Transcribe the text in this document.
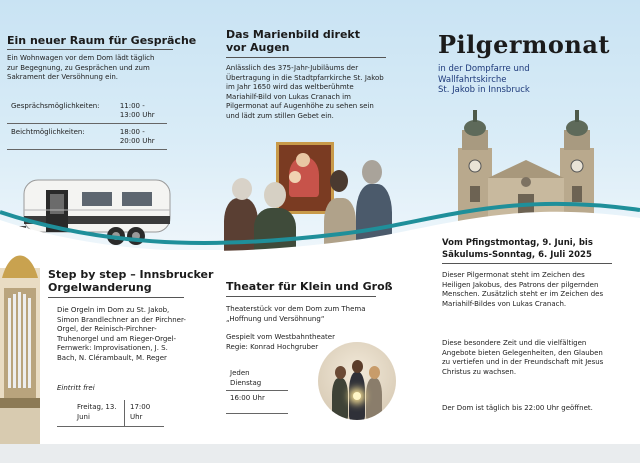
Ein neuer Raum für Gespräche
Ein Wohnwagen vor dem Dom lädt täglich zur Begegnung, zu Gesprächen und zum Sakrament der Versöhnung ein.
Gesprächsmöglichkeiten:	11:00 - 13:00 Uhr
Beichtmöglichkeiten:	18:00 - 20:00 Uhr
Das Marienbild direkt
vor Augen
Anlässlich des 375-Jahr-Jubiläums der Übertragung in die Stadtpfarrkirche St. Jakob im Jahr 1650 wird das weltberühmte Mariahilf-Bild von Lukas Cranach im Pilgermonat auf Augenhöhe zu sehen sein und lädt zum stillen Gebet ein.
Pilgermonat
in der Dompfarre und
Wallfahrtskirche
St. Jakob in Innsbruck
Vom Pfingstmontag, 9. Juni, bis
Säkulums-Sonntag, 6. Juli 2025
Dieser Pilgermonat steht im Zeichen des Heiligen Jakobus, des Patrons der pilgernden Menschen. Zusätzlich steht er im Zeichen des Mariahilf-Bildes von Lukas Cranach.
Diese besondere Zeit und die vielfältigen Angebote bieten Gelegenheiten, den Glauben zu vertiefen und in der Freundschaft mit Jesus Christus zu wachsen.
Der Dom ist täglich bis 22:00 Uhr geöffnet.
Step by step – Innsbrucker
Orgelwanderung
Die Orgeln im Dom zu St. Jakob, Simon Brandlechner an der Pirchner-Orgel, der Reinisch-Pirchner-Truhenorgel und am Rieger-Orgel-Fernwerk: Improvisationen, J. S. Bach, N. Clérambault, M. Reger
Eintritt frei
Freitag, 13. Juni
17:00 Uhr
Theater für Klein und Groß
Theaterstück vor dem Dom zum Thema „Hoffnung und Versöhnung“
Gespielt vom Westbahntheater
Regie: Konrad Hochgruber
Jeden Dienstag
16:00 Uhr
